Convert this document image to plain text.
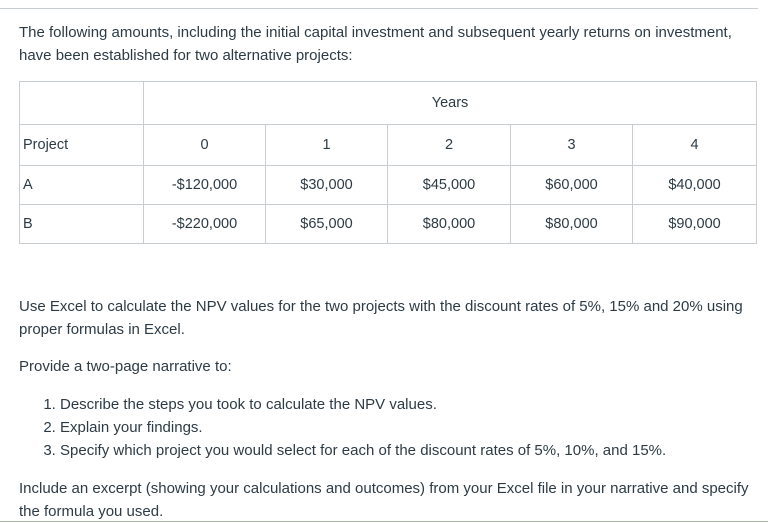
The following amounts, including the initial capital investment and subsequent yearly returns on investment, have been established for two alternative projects:

	Years				
Project	0	1	2	3	4
A	-$120,000	$30,000	$45,000	$60,000	$40,000
B	-$220,000	$65,000	$80,000	$80,000	$90,000

Use Excel to calculate the NPV values for the two projects with the discount rates of 5%, 15% and 20% using proper formulas in Excel.

Provide a two-page narrative to:

1. Describe the steps you took to calculate the NPV values.
2. Explain your findings.
3. Specify which project you would select for each of the discount rates of 5%, 10%, and 15%.

Include an excerpt (showing your calculations and outcomes) from your Excel file in your narrative and specify the formula you used.
